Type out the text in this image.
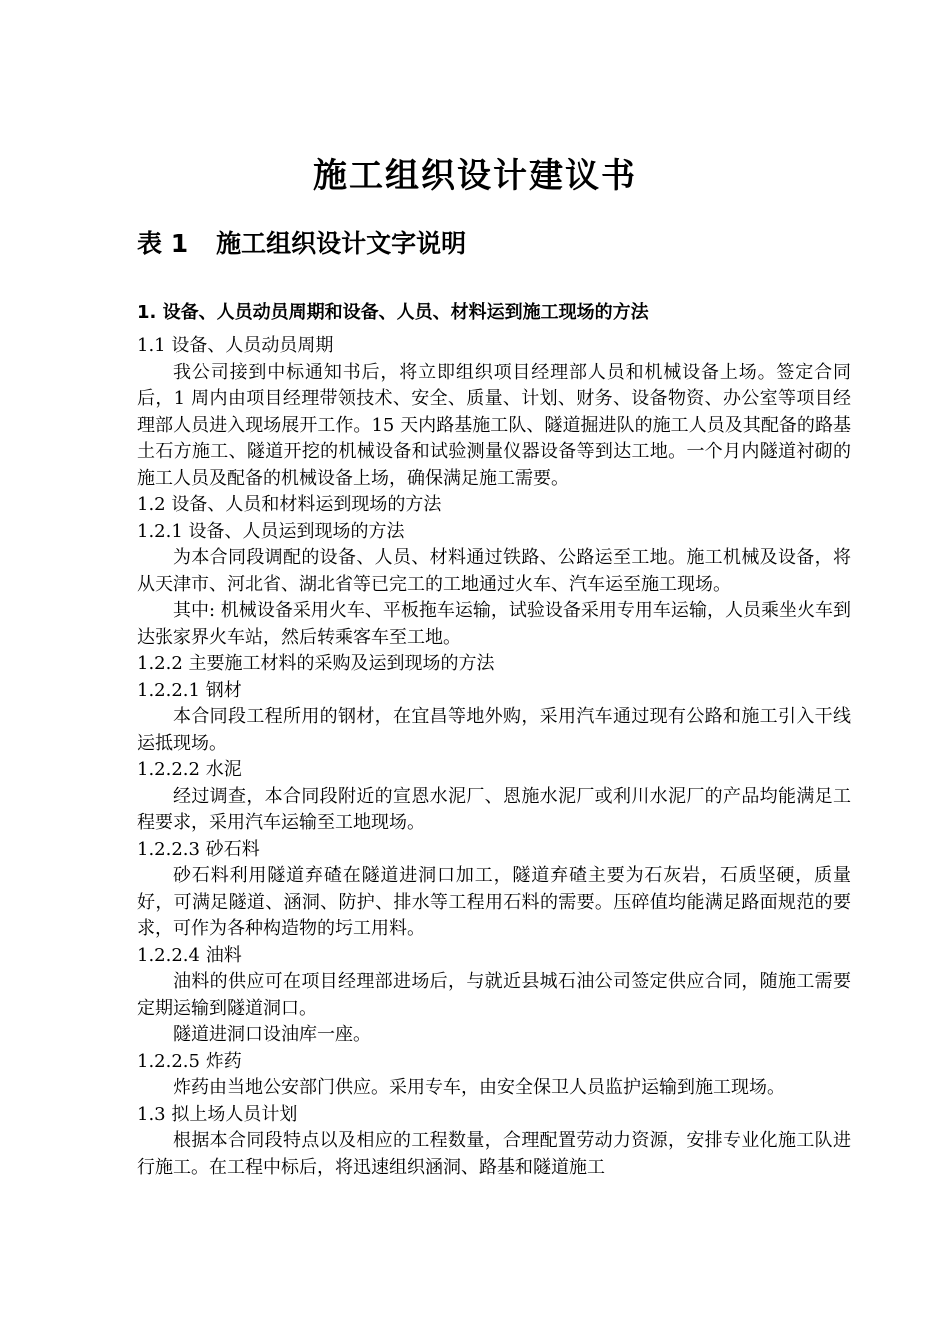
施工组织设计建议书
表 1 施工组织设计文字说明
1. 设备、人员动员周期和设备、人员、材料运到施工现场的方法

1.1 设备、人员动员周期

我公司接到中标通知书后，将立即组织项目经理部人员和机械设备上场。签定合同后，1 周内由项目经理带领技术、安全、质量、计划、财务、设备物资、办公室等项目经理部人员进入现场展开工作。15 天内路基施工队、隧道掘进队的施工人员及其配备的路基土石方施工、隧道开挖的机械设备和试验测量仪器设备等到达工地。一个月内隧道衬砌的施工人员及配备的机械设备上场，确保满足施工需要。

1.2 设备、人员和材料运到现场的方法

1.2.1 设备、人员运到现场的方法

为本合同段调配的设备、人员、材料通过铁路、公路运至工地。施工机械及设备，将从天津市、河北省、湖北省等已完工的工地通过火车、汽车运至施工现场。

其中: 机械设备采用火车、平板拖车运输，试验设备采用专用车运输，人员乘坐火车到达张家界火车站，然后转乘客车至工地。

1.2.2 主要施工材料的采购及运到现场的方法

1.2.2.1 钢材

本合同段工程所用的钢材，在宜昌等地外购，采用汽车通过现有公路和施工引入干线运抵现场。

1.2.2.2 水泥

经过调查，本合同段附近的宣恩水泥厂、恩施水泥厂或利川水泥厂的产品均能满足工程要求，采用汽车运输至工地现场。

1.2.2.3 砂石料

砂石料利用隧道弃碴在隧道进洞口加工，隧道弃碴主要为石灰岩，石质坚硬，质量好，可满足隧道、涵洞、防护、排水等工程用石料的需要。压碎值均能满足路面规范的要求，可作为各种构造物的圬工用料。

1.2.2.4 油料

油料的供应可在项目经理部进场后，与就近县城石油公司签定供应合同，随施工需要定期运输到隧道洞口。

隧道进洞口设油库一座。

1.2.2.5 炸药

炸药由当地公安部门供应。采用专车，由安全保卫人员监护运输到施工现场。

1.3 拟上场人员计划

根据本合同段特点以及相应的工程数量，合理配置劳动力资源，安排专业化施工队进行施工。在工程中标后，将迅速组织涵洞、路基和隧道施工
